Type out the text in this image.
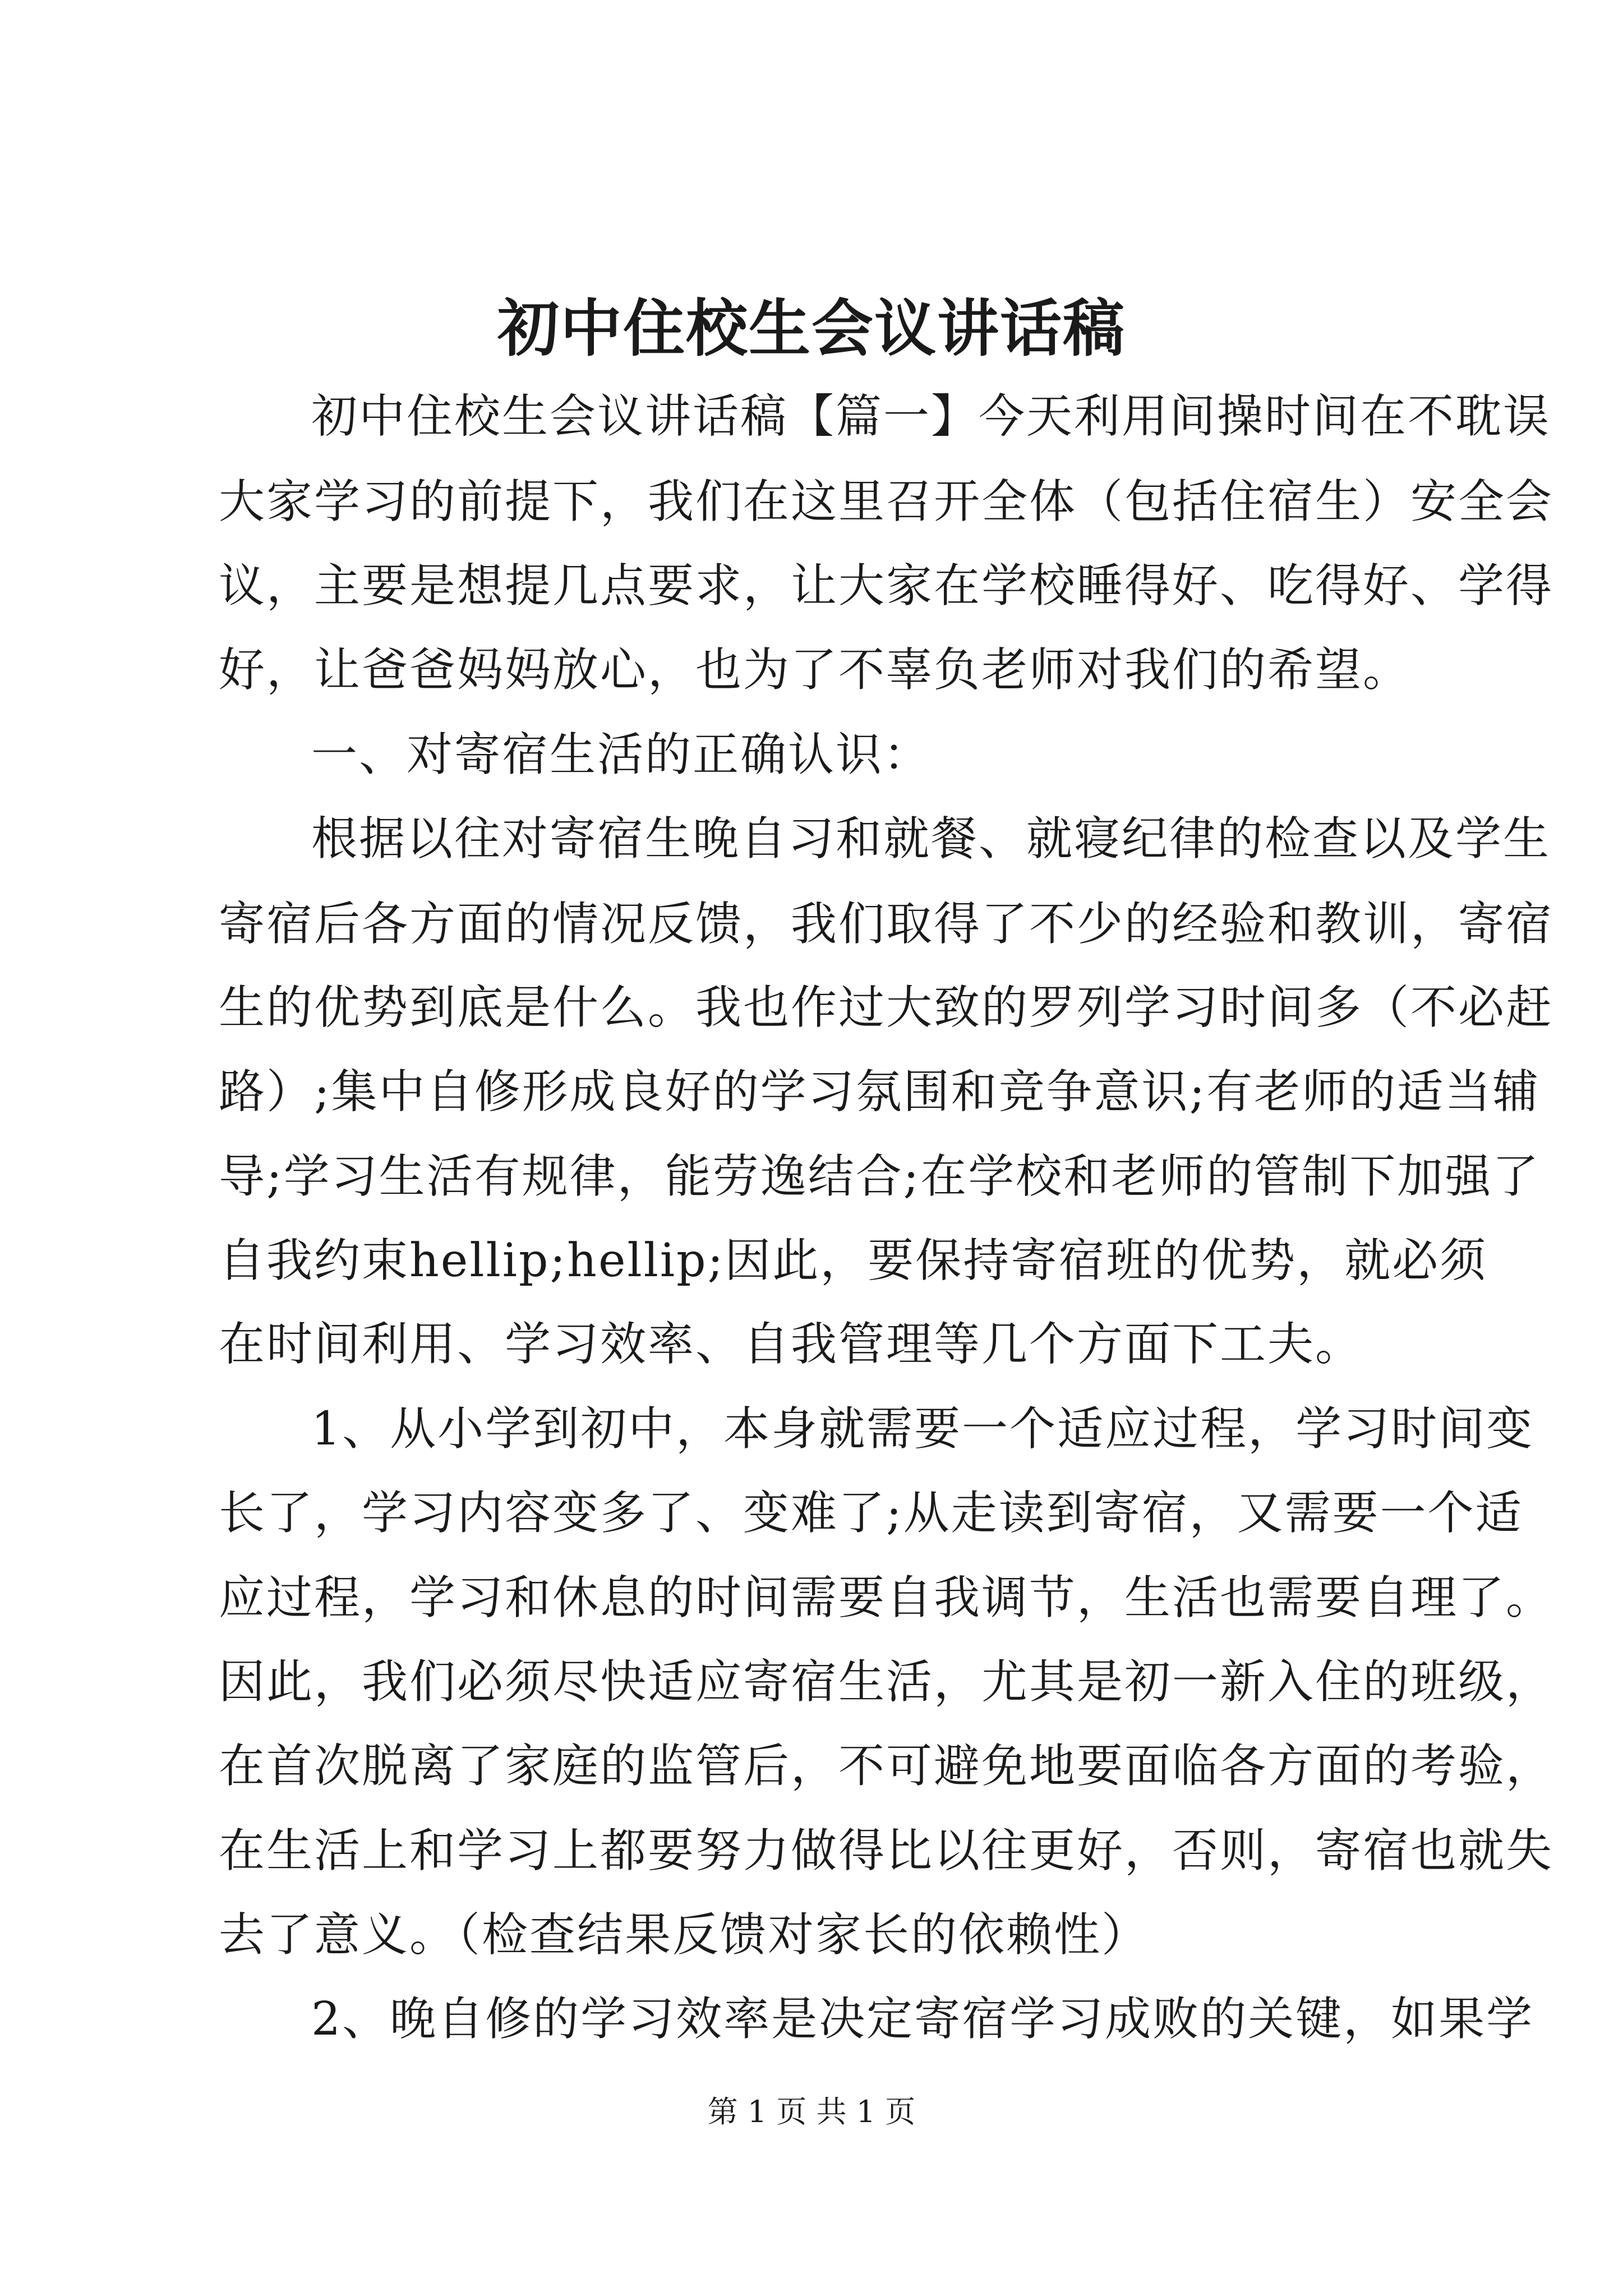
初中住校生会议讲话稿
初中住校生会议讲话稿【篇一】今天利用间操时间在不耽误
大家学习的前提下，我们在这里召开全体（包括住宿生）安全会
议，主要是想提几点要求，让大家在学校睡得好、吃得好、学得
好，让爸爸妈妈放心，也为了不辜负老师对我们的希望。
一、对寄宿生活的正确认识：
根据以往对寄宿生晚自习和就餐、就寝纪律的检查以及学生
寄宿后各方面的情况反馈，我们取得了不少的经验和教训，寄宿
生的优势到底是什么。我也作过大致的罗列学习时间多（不必赶
路）;集中自修形成良好的学习氛围和竞争意识;有老师的适当辅
导;学习生活有规律，能劳逸结合;在学校和老师的管制下加强了
自我约束hellip;hellip;因此，要保持寄宿班的优势，就必须
在时间利用、学习效率、自我管理等几个方面下工夫。
1、从小学到初中，本身就需要一个适应过程，学习时间变
长了，学习内容变多了、变难了;从走读到寄宿，又需要一个适
应过程，学习和休息的时间需要自我调节，生活也需要自理了。
因此，我们必须尽快适应寄宿生活，尤其是初一新入住的班级，
在首次脱离了家庭的监管后，不可避免地要面临各方面的考验，
在生活上和学习上都要努力做得比以往更好，否则，寄宿也就失
去了意义。（检查结果反馈对家长的依赖性）
2、晚自修的学习效率是决定寄宿学习成败的关键，如果学
第 1 页 共 1 页
